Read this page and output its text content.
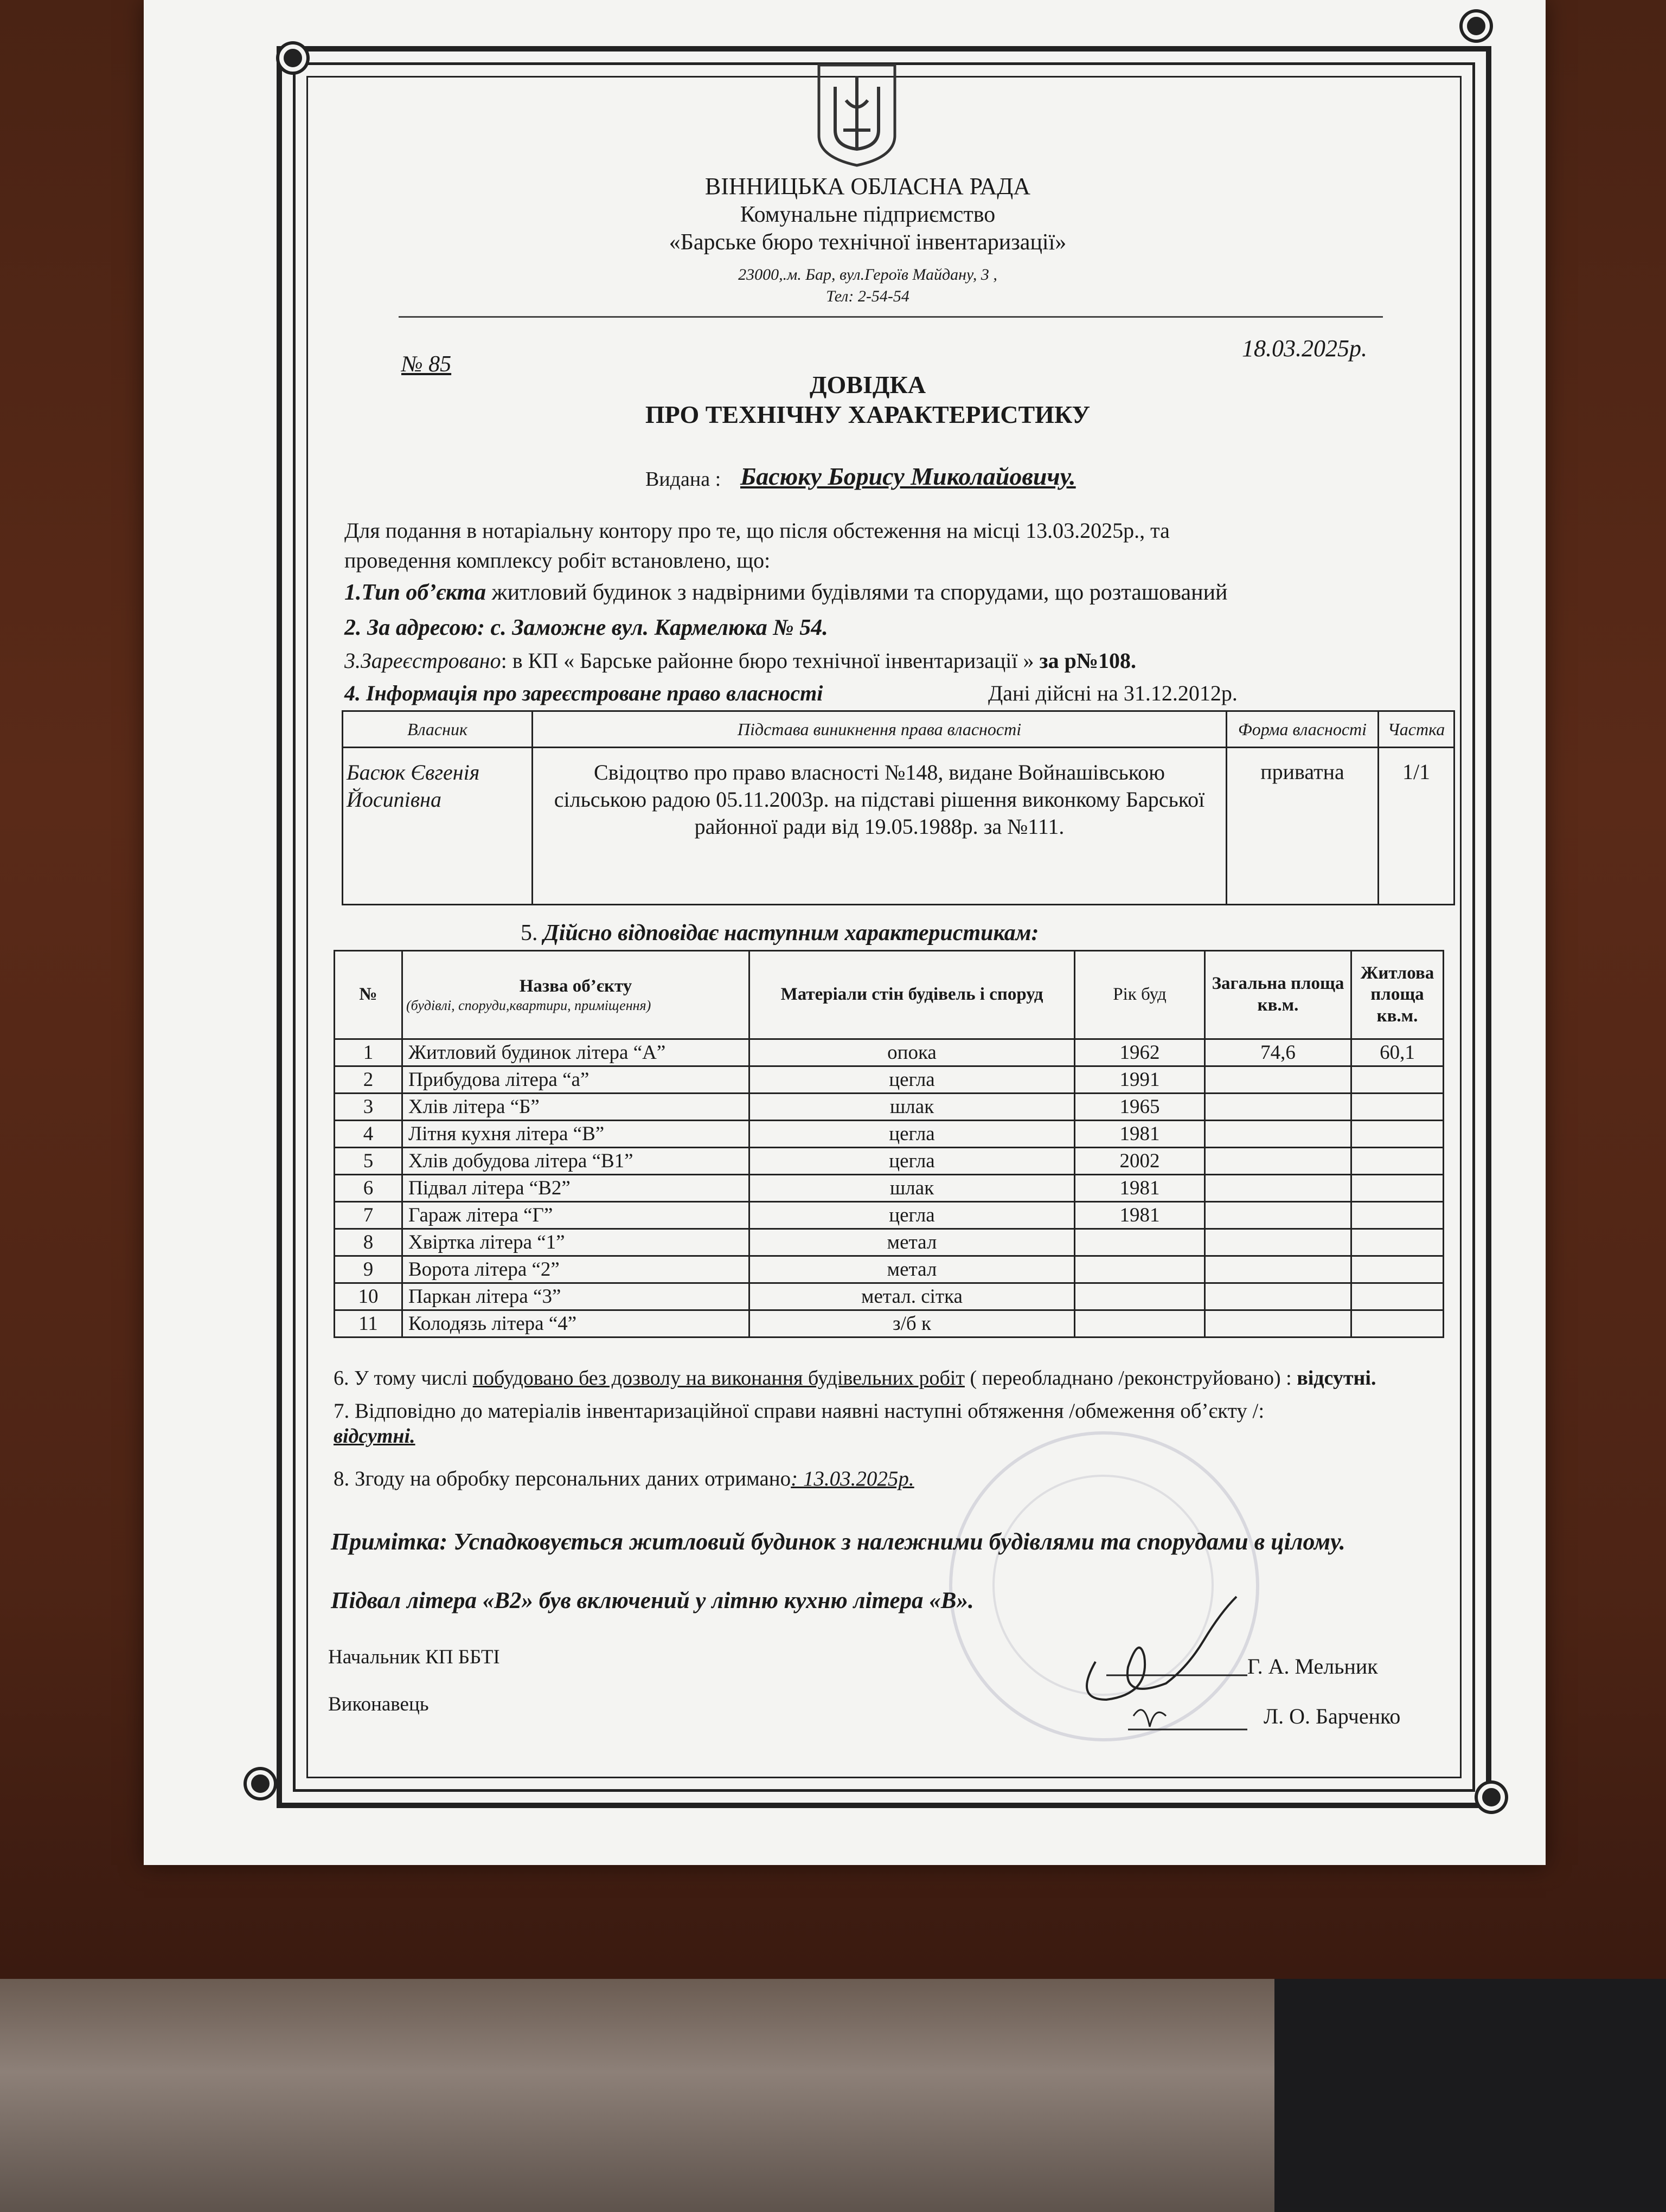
ВІННИЦЬКА ОБЛАСНА РАДА
Комунальне підприємство
«Барське бюро технічної інвентаризації»
23000,.м. Бар, вул.Героїв Майдану, 3 ,
Тел: 2-54-54
№ 85
18.03.2025р.
ДОВІДКА
ПРО ТЕХНІЧНУ ХАРАКТЕРИСТИКУ
Видана : Басюку Борису Миколайовичу.
Для подання в нотаріальну контору про те, що після обстеження на місці 13.03.2025р., та
проведення комплексу робіт встановлено, що:
1.Тип об’єкта житловий будинок з надвірними будівлями та спорудами, що розташований
2. За адресою: с. Заможне вул. Кармелюка № 54.
3.Зареєстровано: в КП « Барське районне бюро технічної інвентаризації » за р№108.
4. Інформація про зареєстроване право власності	Дані дійсні на 31.12.2012р.
Власник	Підстава виникнення права власності	Форма власності	Частка
Басюк Євгенія Йосипівна	Свідоцтво про право власності №148, видане Войнашівською сільською радою 05.11.2003р. на підставі рішення виконкому Барської районної ради від 19.05.1988р. за №111.	приватна	1/1
5. Дійсно відповідає наступним характеристикам:
№	Назва об’єкту
(будівлі, споруди,квартири, приміщення)	Матеріали стін будівель і споруд	Рік буд	Загальна площа кв.м.	Житлова площа кв.м.
1	Житловий будинок літера “А”	опока	1962	74,6	60,1
2	Прибудова літера “а”	цегла	1991		
3	Хлів літера “Б”	шлак	1965		
4	Літня кухня літера “В”	цегла	1981		
5	Хлів добудова літера “В1”	цегла	2002		
6	Підвал літера “В2”	шлак	1981		
7	Гараж літера “Г”	цегла	1981		
8	Хвіртка літера “1”	метал			
9	Ворота літера “2”	метал			
10	Паркан літера “3”	метал. сітка			
11	Колодязь літера “4”	з/б к			
6. У тому числі побудовано без дозволу на виконання будівельних робіт ( переобладнано /реконструйовано) : відсутні.
7. Відповідно до матеріалів інвентаризаційної справи наявні наступні обтяження /обмеження об’єкту /:
відсутні.
8. Згоду на обробку персональних даних отримано: 13.03.2025р.
Примітка: Успадковується житловий будинок з належними будівлями та спорудами в цілому.
Підвал літера «В2» був включений у літню кухню літера «В».
Начальник КП ББТІ	Г. А. Мельник
Виконавець	Л. О. Барченко
